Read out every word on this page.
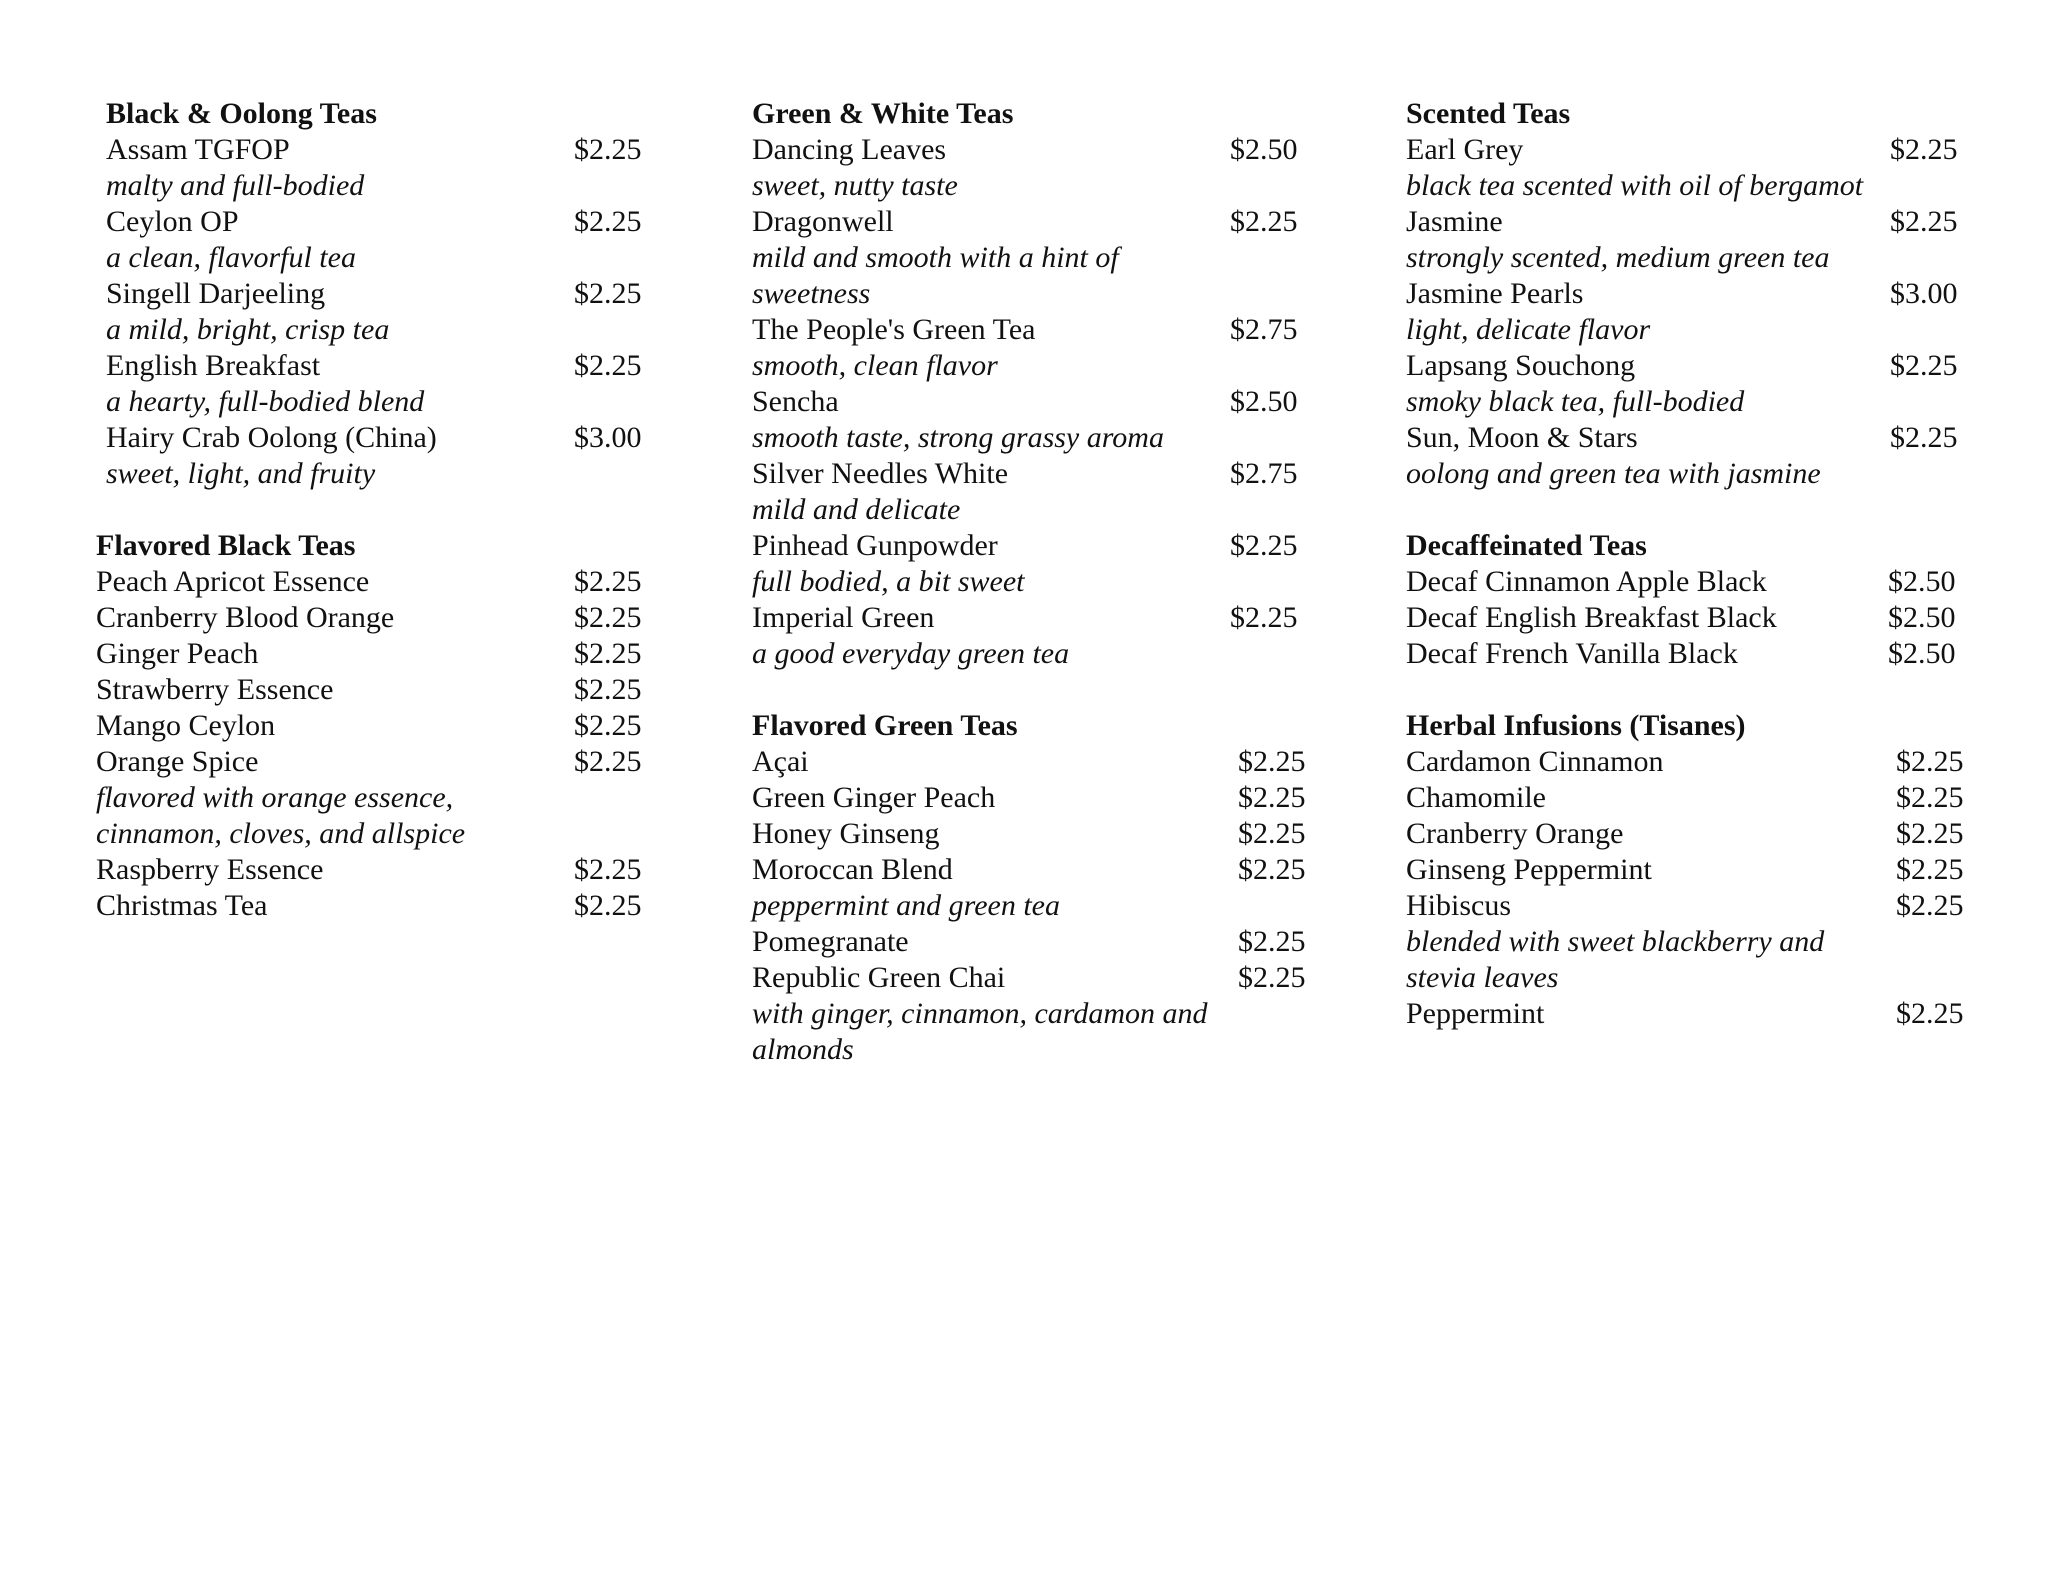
Black & Oolong Teas
Assam TGFOP	$2.25
malty and full-bodied
Ceylon OP	$2.25
a clean, flavorful tea
Singell Darjeeling	$2.25
a mild, bright, crisp tea
English Breakfast	$2.25
a hearty, full-bodied blend
Hairy Crab Oolong (China)	$3.00
sweet, light, and fruity
Flavored Black Teas
Peach Apricot Essence	$2.25
Cranberry Blood Orange	$2.25
Ginger Peach	$2.25
Strawberry Essence	$2.25
Mango Ceylon	$2.25
Orange Spice	$2.25
flavored with orange essence,
cinnamon, cloves, and allspice
Raspberry Essence	$2.25
Christmas Tea	$2.25
Green & White Teas
Dancing Leaves	$2.50
sweet, nutty taste
Dragonwell	$2.25
mild and smooth with a hint of
sweetness
The People's Green Tea	$2.75
smooth, clean flavor
Sencha	$2.50
smooth taste, strong grassy aroma
Silver Needles White	$2.75
mild and delicate
Pinhead Gunpowder	$2.25
full bodied, a bit sweet
Imperial Green	$2.25
a good everyday green tea
Flavored Green Teas
Açai	$2.25
Green Ginger Peach	$2.25
Honey Ginseng	$2.25
Moroccan Blend	$2.25
peppermint and green tea
Pomegranate	$2.25
Republic Green Chai	$2.25
with ginger, cinnamon, cardamon and
almonds
Scented Teas
Earl Grey	$2.25
black tea scented with oil of bergamot
Jasmine	$2.25
strongly scented, medium green tea
Jasmine Pearls	$3.00
light, delicate flavor
Lapsang Souchong	$2.25
smoky black tea, full-bodied
Sun, Moon & Stars	$2.25
oolong and green tea with jasmine
Decaffeinated Teas
Decaf Cinnamon Apple Black	$2.50
Decaf English Breakfast Black	$2.50
Decaf French Vanilla Black	$2.50
Herbal Infusions (Tisanes)
Cardamon Cinnamon	$2.25
Chamomile	$2.25
Cranberry Orange	$2.25
Ginseng Peppermint	$2.25
Hibiscus	$2.25
blended with sweet blackberry and
stevia leaves
Peppermint	$2.25
